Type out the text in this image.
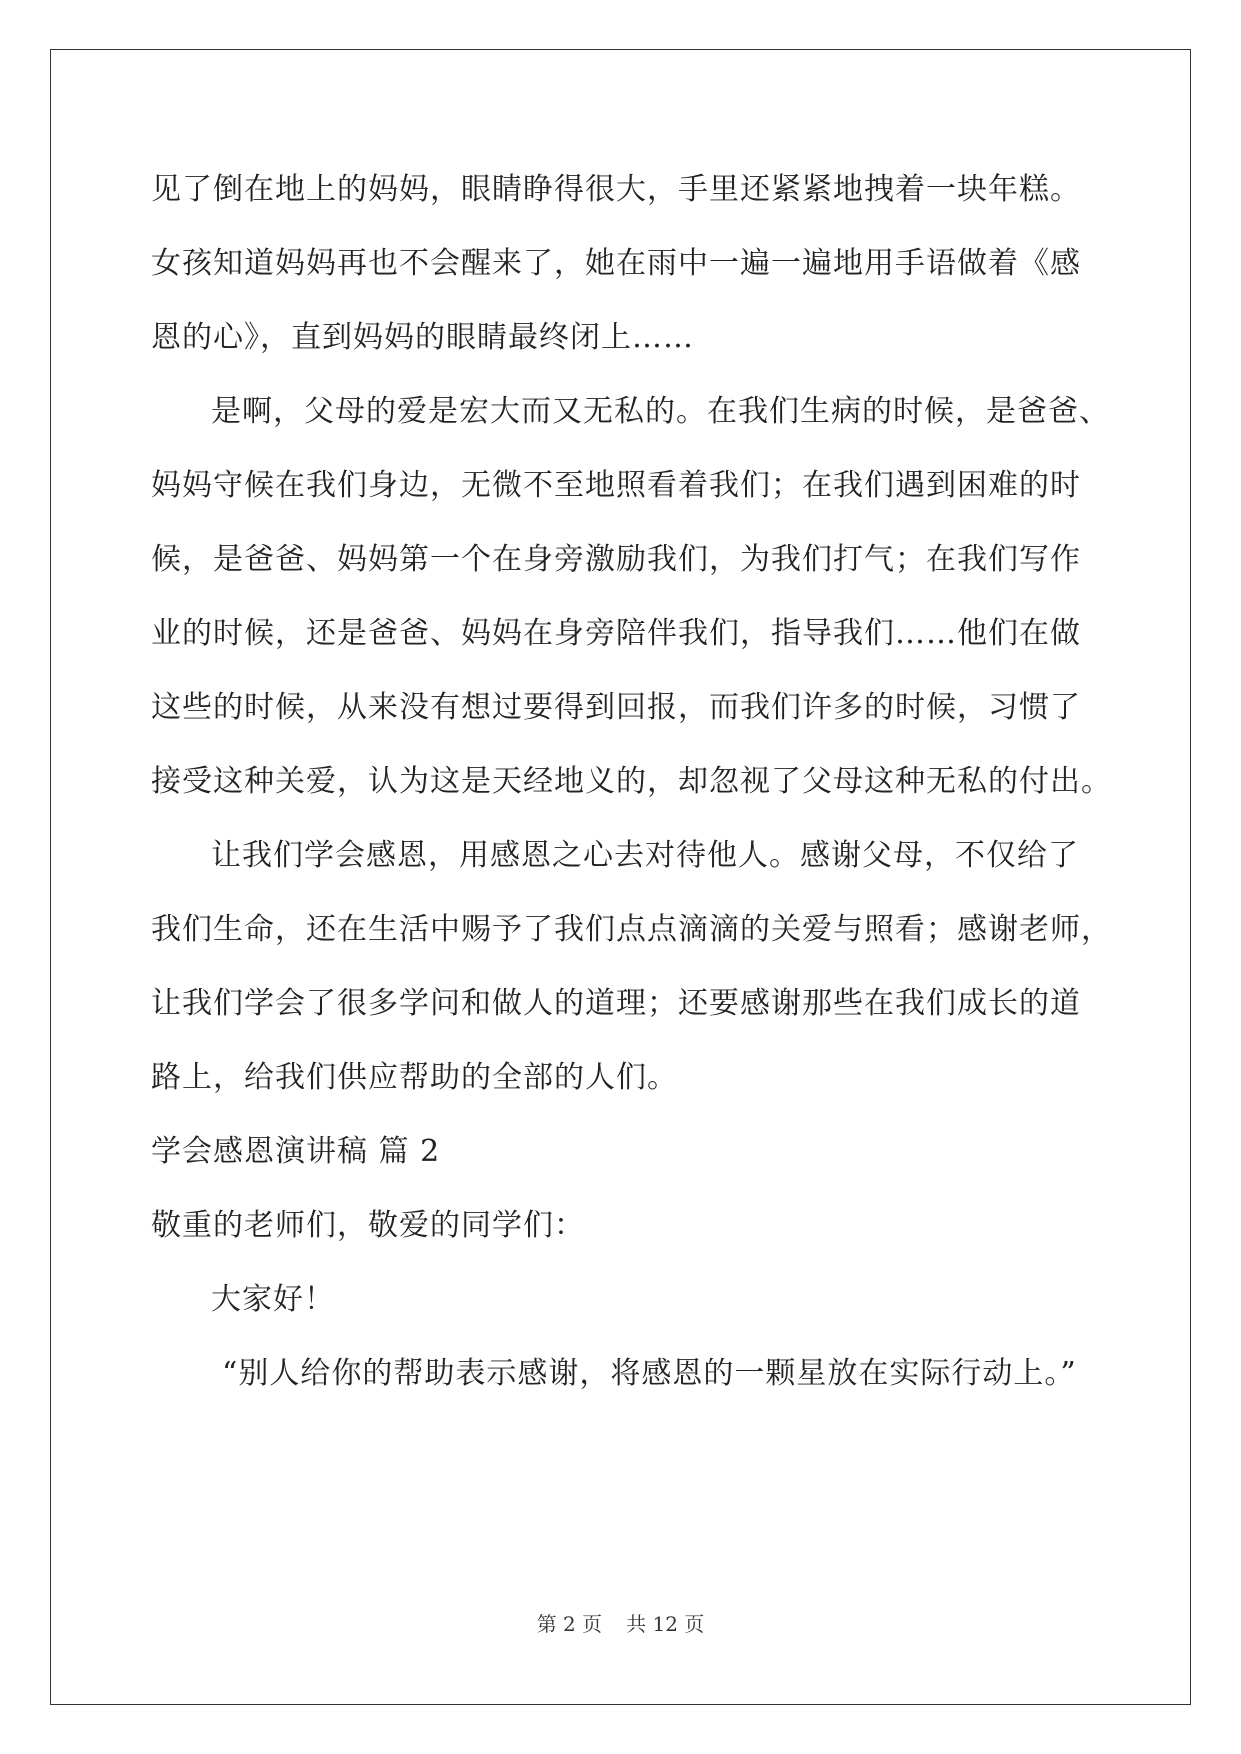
见了倒在地上的妈妈，眼睛睁得很大，手里还紧紧地拽着一块年糕。
女孩知道妈妈再也不会醒来了，她在雨中一遍一遍地用手语做着《感
恩的心》，直到妈妈的眼睛最终闭上……
是啊，父母的爱是宏大而又无私的。在我们生病的时候，是爸爸、
妈妈守候在我们身边，无微不至地照看着我们；在我们遇到困难的时
候，是爸爸、妈妈第一个在身旁激励我们，为我们打气；在我们写作
业的时候，还是爸爸、妈妈在身旁陪伴我们，指导我们……他们在做
这些的时候，从来没有想过要得到回报，而我们许多的时候，习惯了
接受这种关爱，认为这是天经地义的，却忽视了父母这种无私的付出。
让我们学会感恩，用感恩之心去对待他人。感谢父母，不仅给了
我们生命，还在生活中赐予了我们点点滴滴的关爱与照看；感谢老师，
让我们学会了很多学问和做人的道理；还要感谢那些在我们成长的道
路上，给我们供应帮助的全部的人们。
学会感恩演讲稿 篇 2
敬重的老师们，敬爱的同学们：
大家好！
“别人给你的帮助表示感谢，将感恩的一颗星放在实际行动上。”
第 2 页 共 12 页
